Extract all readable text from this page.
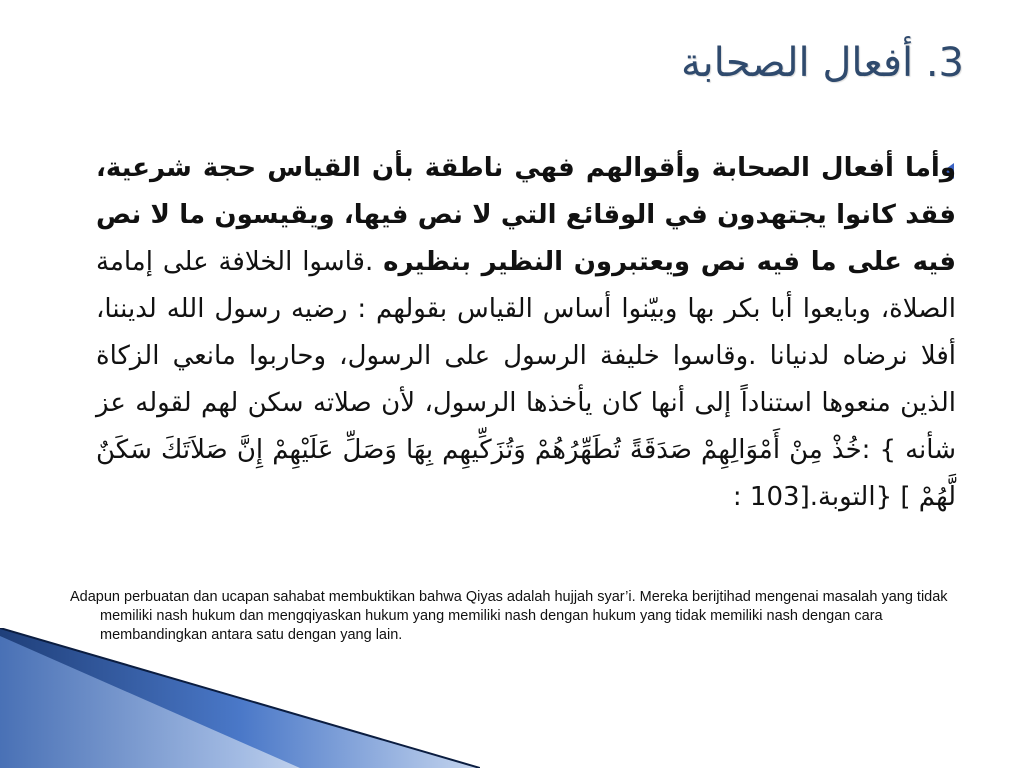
3. أفعال الصحابة
وأما أفعال الصحابة وأقوالهم فهي ناطقة بأن القياس حجة شرعية، فقد كانوا يجتهدون في الوقائع التي لا نص فيها، ويقيسون ما لا نص فيه على ما فيه نص ويعتبرون النظير بنظيره .قاسوا الخلافة على إمامة الصلاة، وبايعوا أبا بكر بها وبيّنوا أساس القياس بقولهم : رضيه رسول الله لديننا، أفلا نرضاه لدنيانا .وقاسوا خليفة الرسول على الرسول، وحاربوا مانعي الزكاة الذين منعوها استناداً إلى أنها كان يأخذها الرسول، لأن صلاته سكن لهم لقوله عز شأنه } :خُذْ مِنْ أَمْوَالِهِمْ صَدَقَةً تُطَهِّرُهُمْ وَتُزَكِّيهِم بِهَا وَصَلِّ عَلَيْهِمْ إِنَّ صَلاَتَكَ سَكَنٌ لَّهُمْ ] {التوبة.[103 :
Adapun perbuatan dan ucapan sahabat membuktikan bahwa Qiyas adalah hujjah syar’i. Mereka berijtihad mengenai masalah yang tidak memiliki nash hukum dan mengqiyaskan hukum yang memiliki nash dengan hukum yang tidak memiliki nash dengan cara membandingkan antara satu dengan yang lain.
